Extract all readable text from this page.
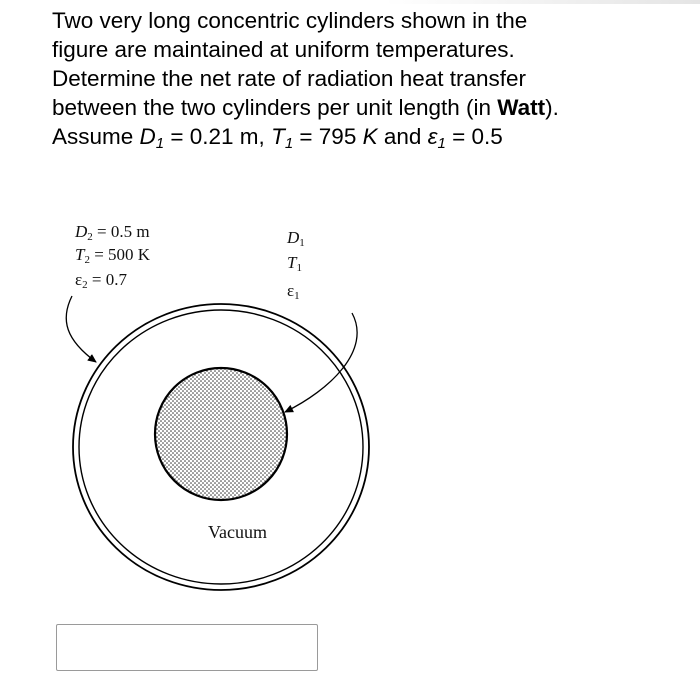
Two very long concentric cylinders shown in the
figure are maintained at uniform temperatures.
Determine the net rate of radiation heat transfer
between the two cylinders per unit length (in Watt).
Assume $D_1 = 0.21$ m, $T_1 = 795$ K and $\varepsilon_1 = 0.5$
$D_2 = 0.5$ m
$T_2 = 500$ K
$\varepsilon_2 = 0.7$
$D_1$
$T_1$
$\varepsilon_1$
Vacuum
